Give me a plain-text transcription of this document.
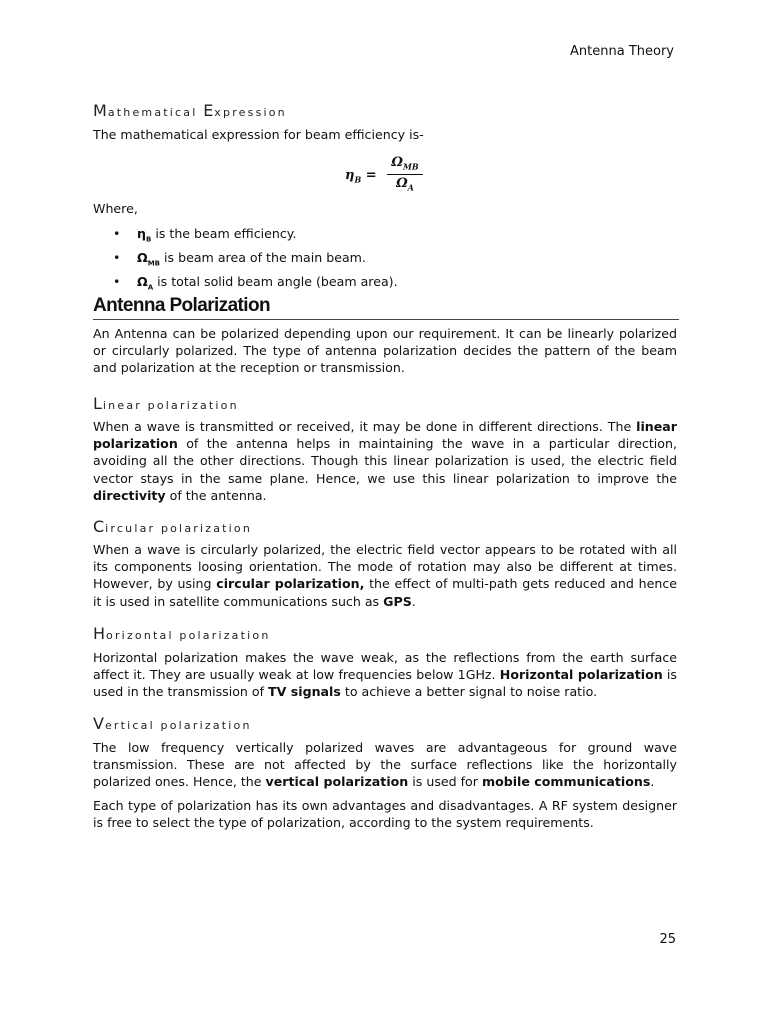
Antenna Theory
Mathematical Expression
The mathematical expression for beam efficiency is-
$\eta_B$ =
$\Omega_{MB}$
$\Omega_A$
Where,
• $\eta_B$ is the beam efficiency.
• $\Omega_{MB}$ is beam area of the main beam.
• $\Omega_A$ is total solid beam angle (beam area).
Antenna Polarization
An Antenna can be polarized depending upon our requirement. It can be linearly polarized or circularly polarized. The type of antenna polarization decides the pattern of the beam and polarization at the reception or transmission.
Linear polarization
When a wave is transmitted or received, it may be done in different directions. The linear polarization of the antenna helps in maintaining the wave in a particular direction, avoiding all the other directions. Though this linear polarization is used, the electric field vector stays in the same plane. Hence, we use this linear polarization to improve the directivity of the antenna.
Circular polarization
When a wave is circularly polarized, the electric field vector appears to be rotated with all its components loosing orientation. The mode of rotation may also be different at times. However, by using circular polarization, the effect of multi-path gets reduced and hence it is used in satellite communications such as GPS.
Horizontal polarization
Horizontal polarization makes the wave weak, as the reflections from the earth surface affect it. They are usually weak at low frequencies below 1GHz. Horizontal polarization is used in the transmission of TV signals to achieve a better signal to noise ratio.
Vertical polarization
The low frequency vertically polarized waves are advantageous for ground wave transmission. These are not affected by the surface reflections like the horizontally polarized ones. Hence, the vertical polarization is used for mobile communications.
Each type of polarization has its own advantages and disadvantages. A RF system designer is free to select the type of polarization, according to the system requirements.
25
